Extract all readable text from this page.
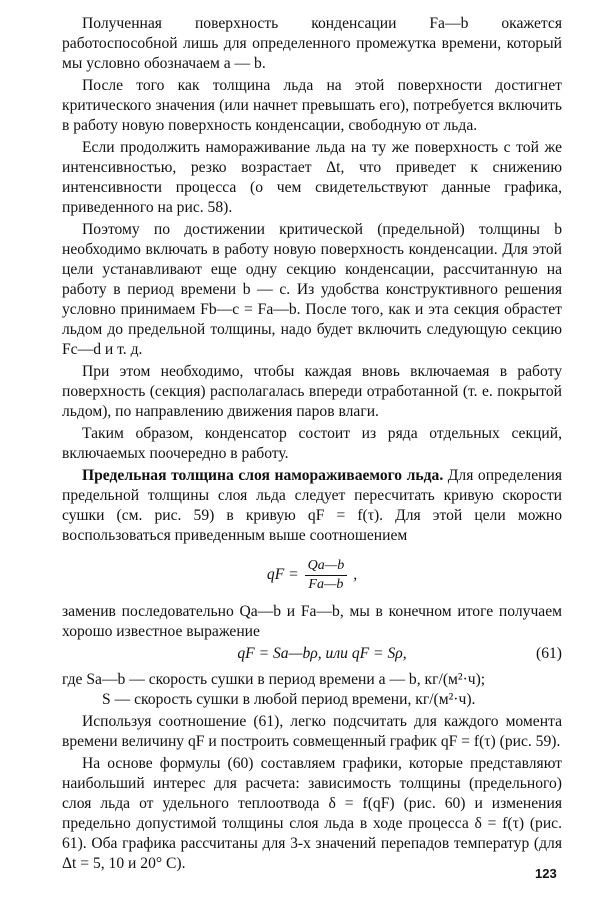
Полученная поверхность конденсации Fa—b окажется работоспособной лишь для определенного промежутка времени, который мы условно обозначаем a — b.

После того как толщина льда на этой поверхности достигнет критического значения (или начнет превышать его), потребуется включить в работу новую поверхность конденсации, свободную от льда.

Если продолжить намораживание льда на ту же поверхность с той же интенсивностью, резко возрастает Δt, что приведет к снижению интенсивности процесса (о чем свидетельствуют данные графика, приведенного на рис. 58).

Поэтому по достижении критической (предельной) толщины b необходимо включать в работу новую поверхность конденсации. Для этой цели устанавливают еще одну секцию конденсации, рассчитанную на работу в период времени b — c. Из удобства конструктивного решения условно принимаем Fb—c = Fa—b. После того, как и эта секция обрастет льдом до предельной толщины, надо будет включить следующую секцию Fc—d и т. д.

При этом необходимо, чтобы каждая вновь включаемая в работу поверхность (секция) располагалась впереди отработанной (т. е. покрытой льдом), по направлению движения паров влаги.

Таким образом, конденсатор состоит из ряда отдельных секций, включаемых поочередно в работу.

Предельная толщина слоя намораживаемого льда. Для определения предельной толщины слоя льда следует пересчитать кривую скорости сушки (см. рис. 59) в кривую qF = f(τ). Для этой цели можно воспользоваться приведенным выше соотношением

qF = $\frac{Qa—b}{Fa—b}$ ,

заменив последовательно Qa—b и Fa—b, мы в конечном итоге получаем хорошо известное выражение

qF = Sa—bρ, или qF = Sρ,	(61)

где Sa—b — скорость сушки в период времени a — b, кг/(м²·ч);

S — скорость сушки в любой период времени, кг/(м²·ч).

Используя соотношение (61), легко подсчитать для каждого момента времени величину qF и построить совмещенный график qF = f(τ) (рис. 59).

На основе формулы (60) составляем графики, которые представляют наибольший интерес для расчета: зависимость толщины (предельного) слоя льда от удельного теплоотвода δ = f(qF) (рис. 60) и изменения предельно допустимой толщины слоя льда в ходе процесса δ = f(τ) (рис. 61). Оба графика рассчитаны для 3-х значений перепадов температур (для Δt = 5, 10 и 20° С).

123
